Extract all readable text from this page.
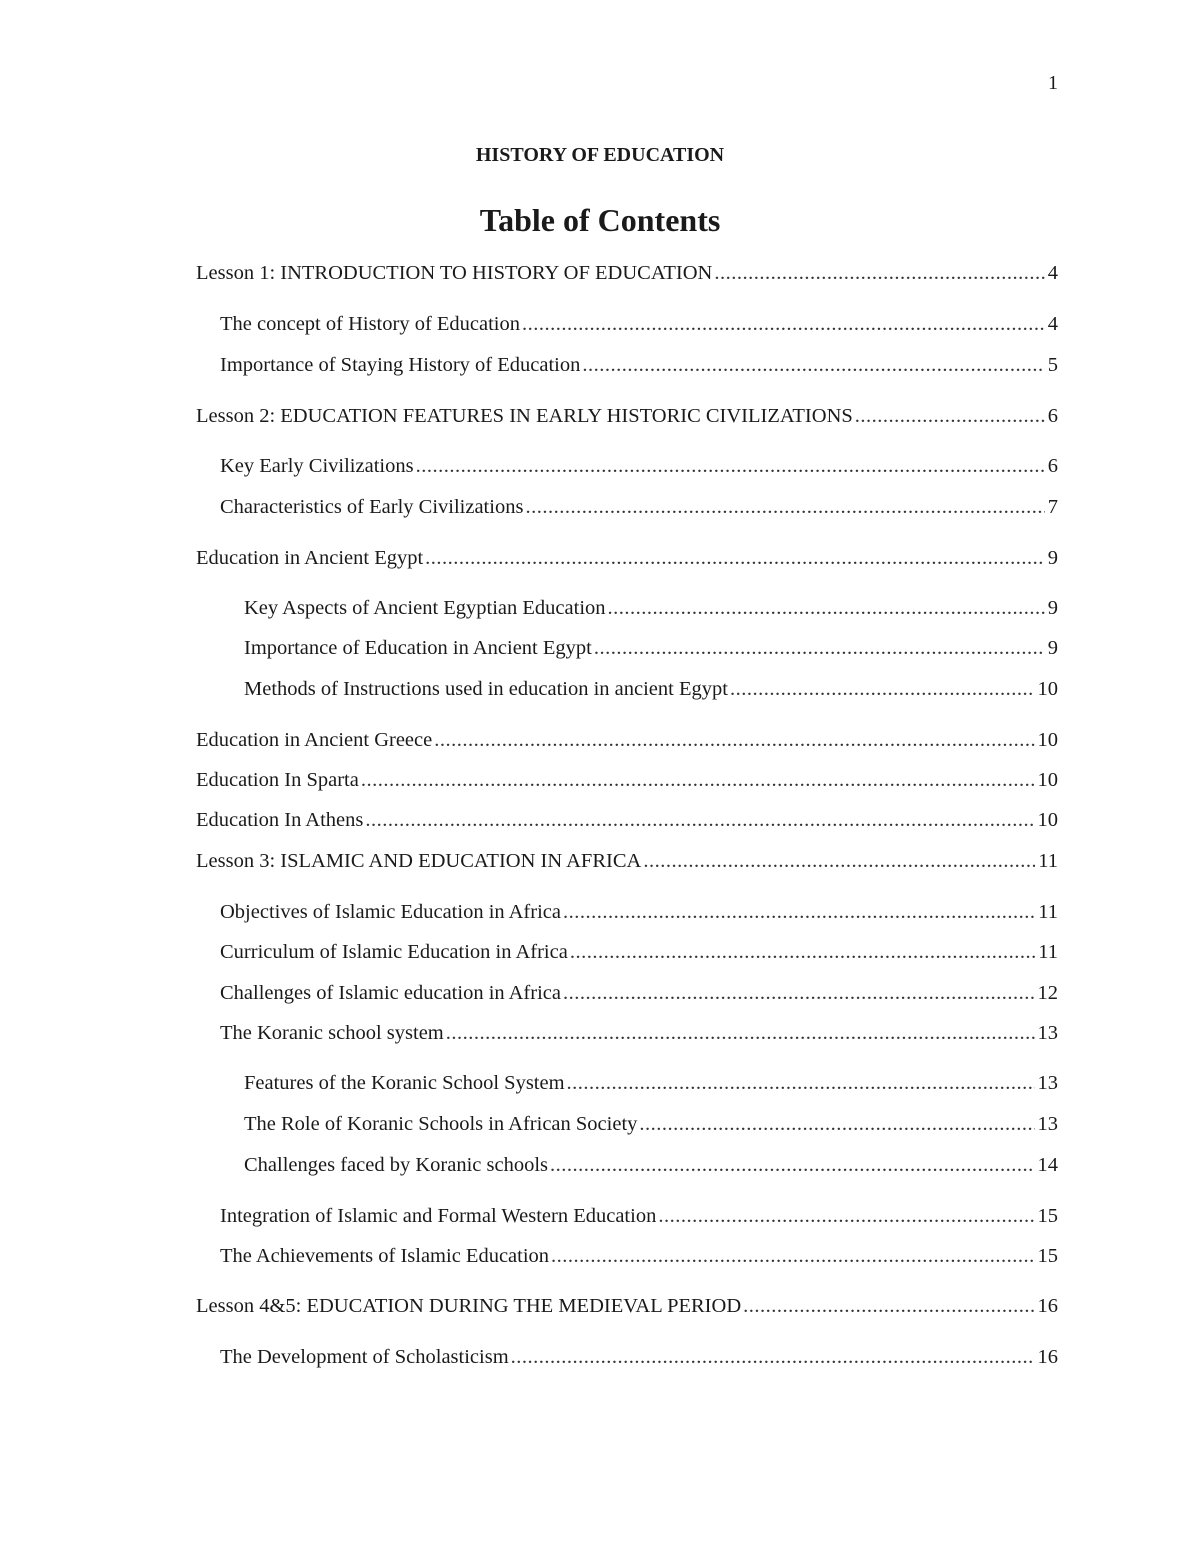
1
HISTORY OF EDUCATION
Table of Contents
Lesson 1: INTRODUCTION TO HISTORY OF EDUCATION .....	4
The concept of History of Education .....	4
Importance of Staying History of Education .....	5
Lesson 2: EDUCATION FEATURES IN EARLY HISTORIC CIVILIZATIONS .....	6
Key Early Civilizations .....	6
Characteristics of Early Civilizations .....	7
Education in Ancient Egypt .....	9
Key Aspects of Ancient Egyptian Education .....	9
Importance of Education in Ancient Egypt .....	9
Methods of Instructions used in education in ancient Egypt .....	10
Education in Ancient Greece .....	10
Education In Sparta .....	10
Education In Athens .....	10
Lesson 3: ISLAMIC AND EDUCATION IN AFRICA .....	11
Objectives of Islamic Education in Africa .....	11
Curriculum of Islamic Education in Africa .....	11
Challenges of Islamic education in Africa .....	12
The Koranic school system .....	13
Features of the Koranic School System .....	13
The Role of Koranic Schools in African Society .....	13
Challenges faced by Koranic schools .....	14
Integration of Islamic and Formal Western Education .....	15
The Achievements of Islamic Education .....	15
Lesson 4&5: EDUCATION DURING THE MEDIEVAL PERIOD .....	16
The Development of Scholasticism .....	16
